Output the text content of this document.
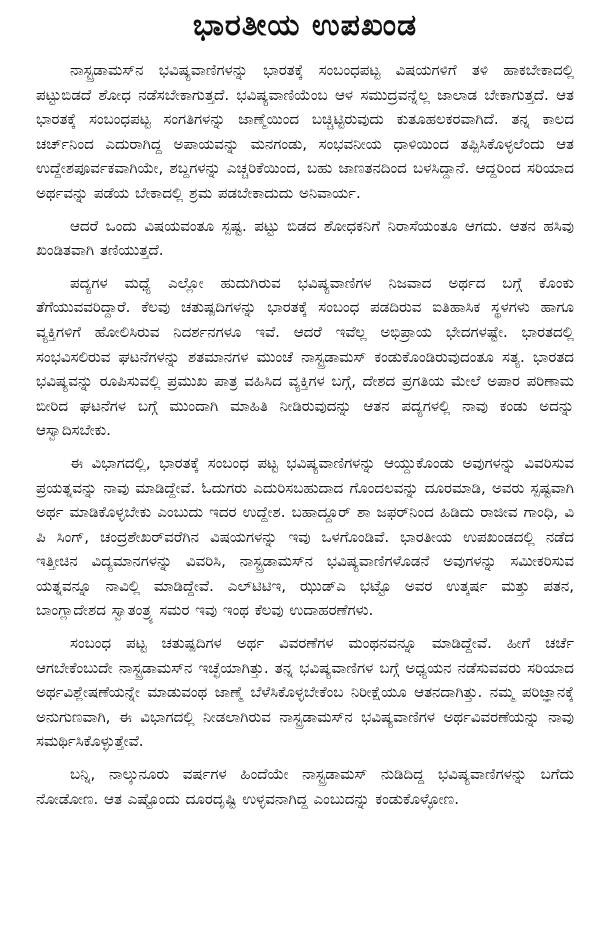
ಭಾರತೀಯ ಉಪಖಂಡ

ನಾಸ್ಟ್ರಡಾಮಸ್‌ನ ಭವಿಷ್ಯವಾಣಿಗಳನ್ನು ಭಾರತಕ್ಕೆ ಸಂಬಂಧಪಟ್ಟ ವಿಷಯಗಳಿಗೆ ತಳಿ ಹಾಕಬೇಕಾದಲ್ಲಿ ಪಟ್ಟುಬಿಡದೆ ಶೋಧ ನಡೆಸಬೇಕಾಗುತ್ತದೆ. ಭವಿಷ್ಯವಾಣಿಯೆಂಬ ಆಳ ಸಮುದ್ರವನ್ನೆಲ್ಲ ಜಾಲಾಡ ಬೇಕಾಗುತ್ತದೆ. ಆತ ಭಾರತಕ್ಕೆ ಸಂಬಂಧಪಟ್ಟ ಸಂಗತಿಗಳನ್ನು ಜಾಣ್ಮೆಯಿಂದ ಬಚ್ಚಿಟ್ಟಿರುವುದು ಕುತೂಹಲಕರವಾಗಿದೆ. ತನ್ನ ಕಾಲದ ಚರ್ಚ್‌ನಿಂದ ಎದುರಾಗಿದ್ದ ಅಪಾಯವನ್ನು ಮನಗಂಡು, ಸಂಭವನೀಯ ಧಾಳಿಯಿಂದ ತಪ್ಪಿಸಿಕೊಳ್ಳಲೆಂದು ಆತ ಉದ್ದೇಶಪೂರ್ವಕವಾಗಿಯೇ, ಶಬ್ದಗಳನ್ನು ಎಚ್ಚರಿಕೆಯಿಂದ, ಬಹು ಜಾಣತನದಿಂದ ಬಳಸಿದ್ದಾನೆ. ಆದ್ದರಿಂದ ಸರಿಯಾದ ಅರ್ಥವನ್ನು ಪಡೆಯ ಬೇಕಾದಲ್ಲಿ ಶ್ರಮ ಪಡಬೇಕಾದುದು ಅನಿವಾರ್ಯ.

ಆದರೆ ಒಂದು ವಿಷಯವಂತೂ ಸ್ಪಷ್ಟ. ಪಟ್ಟು ಬಿಡದ ಶೋಧಕನಿಗೆ ನಿರಾಸೆಯಂತೂ ಆಗದು. ಆತನ ಹಸಿವು ಖಂಡಿತವಾಗಿ ತಣಿಯುತ್ತದೆ.

ಪದ್ಯಗಳ ಮಧ್ಯೆ ಎಲ್ಲೋ ಹುದುಗಿರುವ ಭವಿಷ್ಯವಾಣಿಗಳ ನಿಜವಾದ ಅರ್ಥದ ಬಗ್ಗೆ ಕೊಂಕು ತೆಗೆಯುವವರಿದ್ದಾರೆ. ಕೆಲವು ಚತುಷ್ಪದಿಗಳನ್ನು ಭಾರತಕ್ಕೆ ಸಂಬಂಧ ಪಡದಿರುವ ಐತಿಹಾಸಿಕ ಸ್ಥಳಗಳು ಹಾಗೂ ವ್ಯಕ್ತಿಗಳಿಗೆ ಹೋಲಿಸಿರುವ ನಿದರ್ಶನಗಳೂ ಇವೆ. ಆದರೆ ಇವೆಲ್ಲ ಅಭಿಪ್ರಾಯ ಭೇದಗಳಷ್ಟೇ. ಭಾರತದಲ್ಲಿ ಸಂಭವಿಸಲಿರುವ ಘಟನೆಗಳನ್ನು ಶತಮಾನಗಳ ಮುಂಚೆ ನಾಸ್ಟ್ರಡಾಮಸ್ ಕಂಡುಕೊಂಡಿರುವುದಂತೂ ಸತ್ಯ. ಭಾರತದ ಭವಿಷ್ಯವನ್ನು ರೂಪಿಸುವಲ್ಲಿ ಪ್ರಮುಖ ಪಾತ್ರ ವಹಿಸಿದ ವ್ಯಕ್ತಿಗಳ ಬಗ್ಗೆ, ದೇಶದ ಪ್ರಗತಿಯ ಮೇಲೆ ಅಪಾರ ಪರಿಣಾಮ ಬೀರಿದ ಘಟನೆಗಳ ಬಗ್ಗೆ ಮುಂದಾಗಿ ಮಾಹಿತಿ ನೀಡಿರುವುದನ್ನು ಆತನ ಪದ್ಯಗಳಲ್ಲಿ ನಾವು ಕಂಡು ಅದನ್ನು ಆಸ್ವಾದಿಸಬೇಕು.

ಈ ವಿಭಾಗದಲ್ಲಿ, ಭಾರತಕ್ಕೆ ಸಂಬಂಧ ಪಟ್ಟ ಭವಿಷ್ಯವಾಣಿಗಳನ್ನು ಆಯ್ದುಕೊಂಡು ಅವುಗಳನ್ನು ವಿವರಿಸುವ ಪ್ರಯತ್ನವನ್ನು ನಾವು ಮಾಡಿದ್ದೇವೆ. ಓದುಗರು ಎದುರಿಸಬಹುದಾದ ಗೊಂದಲವನ್ನು ದೂರಮಾಡಿ, ಅವರು ಸ್ಪಷ್ಟವಾಗಿ ಅರ್ಥ ಮಾಡಿಕೊಳ್ಳಬೇಕು ಎಂಬುದು ಇದರ ಉದ್ದೇಶ. ಬಹಾದ್ದೂರ್ ಶಾ ಜಫರ್‌ನಿಂದ ಹಿಡಿದು ರಾಜೀವ ಗಾಂಧಿ, ವಿ ಪಿ ಸಿಂಗ್, ಚಂದ್ರಶೇಖರ್‌ವರೆಗಿನ ವಿಷಯಗಳನ್ನು ಇವು ಒಳಗೊಂಡಿವೆ. ಭಾರತೀಯ ಉಪಖಂಡದಲ್ಲಿ ನಡೆದ ಇತ್ತೀಚಿನ ವಿದ್ಯಮಾನಗಳನ್ನು ವಿವರಿಸಿ, ನಾಸ್ಟ್ರಡಾಮಸ್‌ನ ಭವಿಷ್ಯವಾಣಿಗಳೊಡನೆ ಅವುಗಳನ್ನು ಸಮೀಕರಿಸುವ ಯತ್ನವನ್ನೂ ನಾವಿಲ್ಲಿ ಮಾಡಿದ್ದೇವೆ. ಎಲ್‌ಟಿಟಿಇ, ಝುಡ್‌ಎ ಭಟ್ಟೊ ಅವರ ಉತ್ಕರ್ಷ ಮತ್ತು ಪತನ, ಬಾಂಗ್ಲಾದೇಶದ ಸ್ವಾತಂತ್ರ್ಯ ಸಮರ ಇವು ಇಂಥ ಕೆಲವು ಉದಾಹರಣೆಗಳು.

ಸಂಬಂಧ ಪಟ್ಟ ಚತುಷ್ಪದಿಗಳ ಅರ್ಥ ವಿವರಣೆಗಳ ಮಂಥನವನ್ನೂ ಮಾಡಿದ್ದೇವೆ. ಹೀಗೆ ಚರ್ಚೆ ಆಗಬೇಕೆಂಬುದೇ ನಾಸ್ಟ್ರಡಾಮಸ್‌ನ ಇಚ್ಛೆಯಾಗಿತ್ತು. ತನ್ನ ಭವಿಷ್ಯವಾಣಿಗಳ ಬಗ್ಗೆ ಅಧ್ಯಯನ ನಡೆಸುವವರು ಸರಿಯಾದ ಅರ್ಥವಿಶ್ಲೇಷಣೆಯನ್ನೇ ಮಾಡುವಂಥ ಜಾಣ್ಮೆ ಬೆಳೆಸಿಕೊಳ್ಳಬೇಕೆಂಬ ನಿರೀಕ್ಷೆಯೂ ಆತನದಾಗಿತ್ತು. ನಮ್ಮ ಪರಿಜ್ಞಾನಕ್ಕೆ ಅನುಗುಣವಾಗಿ, ಈ ವಿಭಾಗದಲ್ಲಿ ನೀಡಲಾಗಿರುವ ನಾಸ್ಟ್ರಡಾಮಸ್‌ನ ಭವಿಷ್ಯವಾಣಿಗಳ ಅರ್ಥವಿವರಣೆಯನ್ನು ನಾವು ಸಮರ್ಥಿಸಿಕೊಳ್ಳುತ್ತೇವೆ.

ಬನ್ನಿ, ನಾಲ್ಕುನೂರು ವರ್ಷಗಳ ಹಿಂದೆಯೇ ನಾಸ್ಟ್ರಡಾಮಸ್ ನುಡಿದಿದ್ದ ಭವಿಷ್ಯವಾಣಿಗಳನ್ನು ಬಗೆದು ನೋಡೋಣ. ಆತ ಎಷ್ಟೊಂದು ದೂರದೃಷ್ಟಿ ಉಳ್ಳವನಾಗಿದ್ದ ಎಂಬುದನ್ನು ಕಂಡುಕೊಳ್ಳೋಣ.
